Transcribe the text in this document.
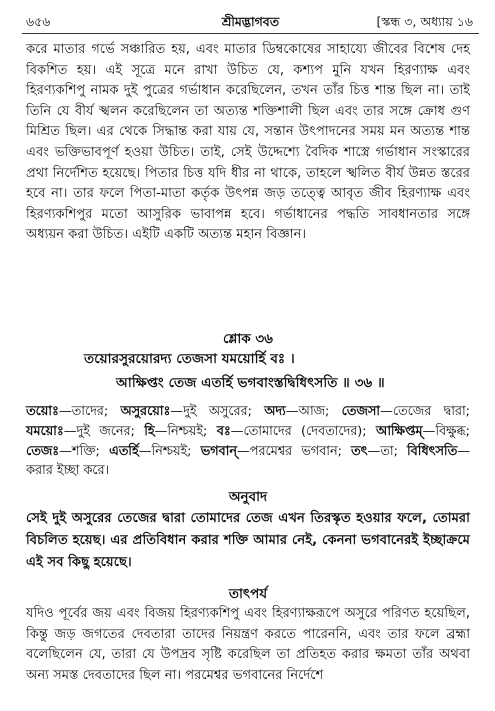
৬৫৬	শ্রীমদ্ভাগবত	[স্কন্ধ ৩, অধ্যায় ১৬

করে মাতার গর্ভে সঞ্চারিত হয়, এবং মাতার ডিম্বকোষের সাহায্যে জীবের বিশেষ দেহ বিকশিত হয়। এই সূত্রে মনে রাখা উচিত যে, কশ্যপ মুনি যখন হিরণ্যাক্ষ এবং হিরণ্যকশিপু নামক দুই পুত্রের গর্ভাধান করেছিলেন, তখন তাঁর চিত্ত শান্ত ছিল না। তাই তিনি যে বীর্য স্খলন করেছিলেন তা অত্যন্ত শক্তিশালী ছিল এবং তার সঙ্গে ক্রোধ গুণ মিশ্রিত ছিল। এর থেকে সিদ্ধান্ত করা যায় যে, সন্তান উৎপাদনের সময় মন অত্যন্ত শান্ত এবং ভক্তিভাবপূর্ণ হওয়া উচিত। তাই, সেই উদ্দেশ্যে বৈদিক শাস্ত্রে গর্ভাধান সংস্কারের প্রথা নির্দেশিত হয়েছে। পিতার চিত্ত যদি ধীর না থাকে, তাহলে স্খলিত বীর্য উন্নত স্তরের হবে না। তার ফলে পিতা-মাতা কর্তৃক উৎপন্ন জড় তত্ত্বে আবৃত জীব হিরণ্যাক্ষ এবং হিরণ্যকশিপুর মতো আসুরিক ভাবাপন্ন হবে। গর্ভাধানের পদ্ধতি সাবধানতার সঙ্গে অধ্যয়ন করা উচিত। এইটি একটি অত্যন্ত মহান বিজ্ঞান।

শ্লোক ৩৬
তয়োরসুরয়োরদ্য তেজসা যময়োর্হি বঃ ।
আক্ষিপ্তং তেজ এতর্হি ভগবাংস্তদ্বিধিৎসতি ॥ ৩৬ ॥

তয়োঃ—তাদের; অসুরয়োঃ—দুই অসুরের; অদ্য—আজ; তেজসা—তেজের দ্বারা; যময়োঃ—দুই জনের; হি—নিশ্চয়ই; বঃ—তোমাদের (দেবতাদের); আক্ষিপ্তম্—বিক্ষুব্ধ; তেজঃ—শক্তি; এতর্হি—নিশ্চয়ই; ভগবান্—পরমেশ্বর ভগবান; তৎ—তা; বিধিৎসতি—করার ইচ্ছা করে।

অনুবাদ

সেই দুই অসুরের তেজের দ্বারা তোমাদের তেজ এখন তিরস্কৃত হওয়ার ফলে, তোমরা বিচলিত হয়েছ। এর প্রতিবিধান করার শক্তি আমার নেই, কেননা ভগবানেরই ইচ্ছাক্রমে এই সব কিছু হয়েছে।

তাৎপর্য

যদিও পূর্বের জয় এবং বিজয় হিরণ্যকশিপু এবং হিরণ্যাক্ষরূপে অসুরে পরিণত হয়েছিল, কিন্তু জড় জগতের দেবতারা তাদের নিয়ন্ত্রণ করতে পারেননি, এবং তার ফলে ব্রহ্মা বলেছিলেন যে, তারা যে উপদ্রব সৃষ্টি করেছিল তা প্রতিহত করার ক্ষমতা তাঁর অথবা অন্য সমস্ত দেবতাদের ছিল না। পরমেশ্বর ভগবানের নির্দেশে
